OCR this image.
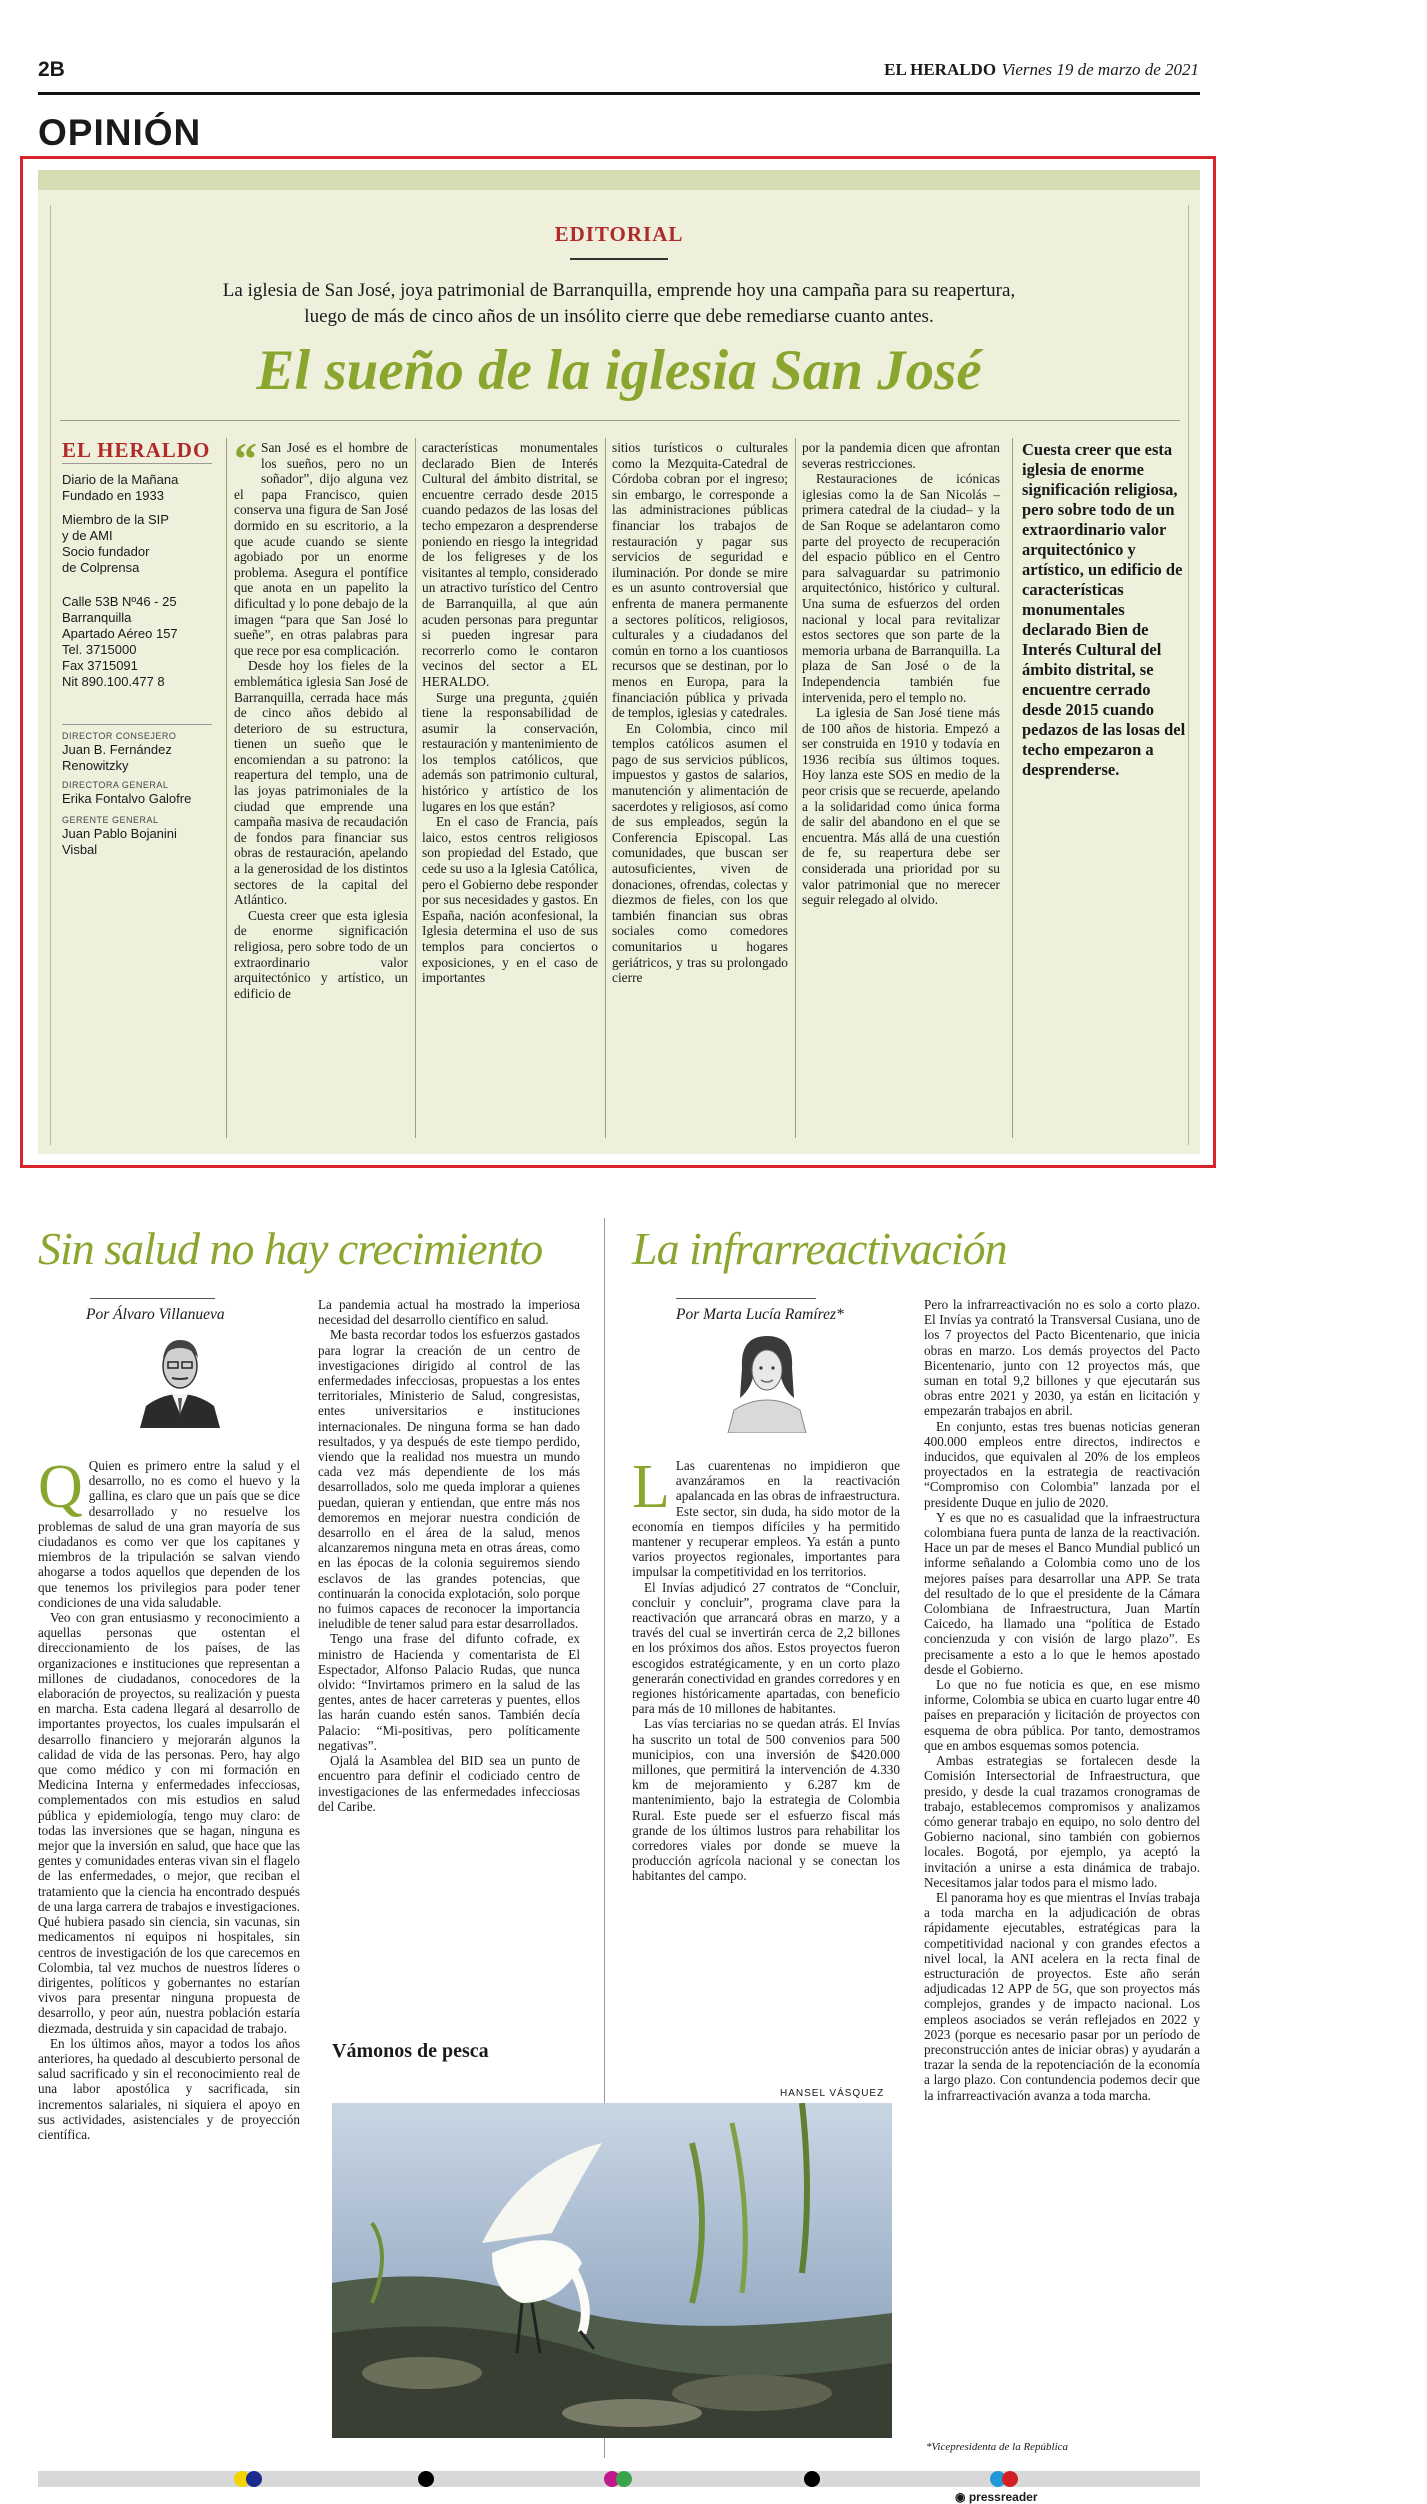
2B	EL HERALDO Viernes 19 de marzo de 2021
OPINIÓN
EDITORIAL
La iglesia de San José, joya patrimonial de Barranquilla, emprende hoy una campaña para su reapertura,
luego de más de cinco años de un insólito cierre que debe remediarse cuanto antes.
El sueño de la iglesia San José
EL HERALDO
Diario de la Mañana
Fundado en 1933
Miembro de la SIP
y de AMI
Socio fundador
de Colprensa
Calle 53B Nº46 - 25
Barranquilla
Apartado Aéreo 157
Tel. 3715000
Fax 3715091
Nit 890.100.477 8
DIRECTOR CONSEJERO
Juan B. Fernández
Renowitzky
DIRECTORA GENERAL
Erika Fontalvo Galofre
GERENTE GENERAL
Juan Pablo Bojanini
Visbal

“ San José es el hombre de los sueños, pero no un soñador”, dijo alguna vez el papa Francisco, quien conserva una figura de San José dormido en su escritorio, a la que acude cuando se siente agobiado por un enorme problema. Asegura el pontífice que anota en un papelito la dificultad y lo pone debajo de la imagen “para que San José lo sueñe”, en otras palabras para que rece por esa complicación.

Desde hoy los fieles de la emblemática iglesia San José de Barranquilla, cerrada hace más de cinco años debido al deterioro de su estructura, tienen un sueño que le encomiendan a su patrono: la reapertura del templo, una de las joyas patrimoniales de la ciudad que emprende una campaña masiva de recaudación de fondos para financiar sus obras de restauración, apelando a la generosidad de los distintos sectores de la capital del Atlántico.

Cuesta creer que esta iglesia de enorme significación religiosa, pero sobre todo de un extraordinario valor arquitectónico y artístico, un edificio de

características monumentales declarado Bien de Interés Cultural del ámbito distrital, se encuentre cerrado desde 2015 cuando pedazos de las losas del techo empezaron a desprenderse poniendo en riesgo la integridad de los feligreses y de los visitantes al templo, considerado un atractivo turístico del Centro de Barranquilla, al que aún acuden personas para preguntar si pueden ingresar para recorrerlo como le contaron vecinos del sector a EL HERALDO.

Surge una pregunta, ¿quién tiene la responsabilidad de asumir la conservación, restauración y mantenimiento de los templos católicos, que además son patrimonio cultural, histórico y artístico de los lugares en los que están?

En el caso de Francia, país laico, estos centros religiosos son propiedad del Estado, que cede su uso a la Iglesia Católica, pero el Gobierno debe responder por sus necesidades y gastos. En España, nación aconfesional, la Iglesia determina el uso de sus templos para conciertos o exposiciones, y en el caso de importantes

sitios turísticos o culturales como la Mezquita-Catedral de Córdoba cobran por el ingreso; sin embargo, le corresponde a las administraciones públicas financiar los trabajos de restauración y pagar sus servicios de seguridad e iluminación. Por donde se mire es un asunto controversial que enfrenta de manera permanente a sectores políticos, religiosos, culturales y a ciudadanos del común en torno a los cuantiosos recursos que se destinan, por lo menos en Europa, para la financiación pública y privada de templos, iglesias y catedrales.

En Colombia, cinco mil templos católicos asumen el pago de sus servicios públicos, impuestos y gastos de salarios, manutención y alimentación de sacerdotes y religiosos, así como de sus empleados, según la Conferencia Episcopal. Las comunidades, que buscan ser autosuficientes, viven de donaciones, ofrendas, colectas y diezmos de fieles, con los que también financian sus obras sociales como comedores comunitarios u hogares geriátricos, y tras su prolongado cierre

por la pandemia dicen que afrontan severas restricciones.

Restauraciones de icónicas iglesias como la de San Nicolás –primera catedral de la ciudad– y la de San Roque se adelantaron como parte del proyecto de recuperación del espacio público en el Centro para salvaguardar su patrimonio arquitectónico, histórico y cultural. Una suma de esfuerzos del orden nacional y local para revitalizar estos sectores que son parte de la memoria urbana de Barranquilla. La plaza de San José o de la Independencia también fue intervenida, pero el templo no.

La iglesia de San José tiene más de 100 años de historia. Empezó a ser construida en 1910 y todavía en 1936 recibía sus últimos toques. Hoy lanza este SOS en medio de la peor crisis que se recuerde, apelando a la solidaridad como única forma de salir del abandono en el que se encuentra. Más allá de una cuestión de fe, su reapertura debe ser considerada una prioridad por su valor patrimonial que no merecer seguir relegado al olvido.

Cuesta creer que esta iglesia de enorme significación religiosa, pero sobre todo de un extraordinario valor arquitectónico y artístico, un edificio de características monumentales declarado Bien de Interés Cultural del ámbito distrital, se encuentre cerrado desde 2015 cuando pedazos de las losas del techo empezaron a desprenderse.
Sin salud no hay crecimiento
Por Álvaro Villanueva

Q Quien es primero entre la salud y el desarrollo, no es como el huevo y la gallina, es claro que un país que se dice desarrollado y no resuelve los problemas de salud de una gran mayoría de sus ciudadanos es como ver que los capitanes y miembros de la tripulación se salvan viendo ahogarse a todos aquellos que dependen de los que tenemos los privilegios para poder tener condiciones de una vida saludable.

Veo con gran entusiasmo y reconocimiento a aquellas personas que ostentan el direccionamiento de los países, de las organizaciones e instituciones que representan a millones de ciudadanos, conocedores de la elaboración de proyectos, su realización y puesta en marcha. Esta cadena llegará al desarrollo de importantes proyectos, los cuales impulsarán el desarrollo financiero y mejorarán algunos la calidad de vida de las personas. Pero, hay algo que como médico y con mi formación en Medicina Interna y enfermedades infecciosas, complementados con mis estudios en salud pública y epidemiología, tengo muy claro: de todas las inversiones que se hagan, ninguna es mejor que la inversión en salud, que hace que las gentes y comunidades enteras vivan sin el flagelo de las enfermedades, o mejor, que reciban el tratamiento que la ciencia ha encontrado después de una larga carrera de trabajos e investigaciones. Qué hubiera pasado sin ciencia, sin vacunas, sin medicamentos ni equipos ni hospitales, sin centros de investigación de los que carecemos en Colombia, tal vez muchos de nuestros líderes o dirigentes, políticos y gobernantes no estarían vivos para presentar ninguna propuesta de desarrollo, y peor aún, nuestra población estaría diezmada, destruida y sin capacidad de trabajo.

En los últimos años, mayor a todos los años anteriores, ha quedado al descubierto personal de salud sacrificado y sin el reconocimiento real de una labor apostólica y sacrificada, sin incrementos salariales, ni siquiera el apoyo en sus actividades, asistenciales y de proyección científica.

La pandemia actual ha mostrado la imperiosa necesidad del desarrollo científico en salud.

Me basta recordar todos los esfuerzos gastados para lograr la creación de un centro de investigaciones dirigido al control de las enfermedades infecciosas, propuestas a los entes territoriales, Ministerio de Salud, congresistas, entes universitarios e instituciones internacionales. De ninguna forma se han dado resultados, y ya después de este tiempo perdido, viendo que la realidad nos muestra un mundo cada vez más dependiente de los más desarrollados, solo me queda implorar a quienes puedan, quieran y entiendan, que entre más nos demoremos en mejorar nuestra condición de desarrollo en el área de la salud, menos alcanzaremos ninguna meta en otras áreas, como en las épocas de la colonia seguiremos siendo esclavos de las grandes potencias, que continuarán la conocida explotación, solo porque no fuimos capaces de reconocer la importancia ineludible de tener salud para estar desarrollados.

Tengo una frase del difunto cofrade, ex ministro de Hacienda y comentarista de El Espectador, Alfonso Palacio Rudas, que nunca olvido: “Invirtamos primero en la salud de las gentes, antes de hacer carreteras y puentes, ellos las harán cuando estén sanos. También decía Palacio: “Mi-positivas, pero políticamente negativas”.

Ojalá la Asamblea del BID sea un punto de encuentro para definir el codiciado centro de investigaciones de las enfermedades infecciosas del Caribe.

La infrarreactivación
Por Marta Lucía Ramírez*

L Las cuarentenas no impidieron que avanzáramos en la reactivación apalancada en las obras de infraestructura. Este sector, sin duda, ha sido motor de la economía en tiempos difíciles y ha permitido mantener y recuperar empleos. Ya están a punto varios proyectos regionales, importantes para impulsar la competitividad en los territorios.

El Invías adjudicó 27 contratos de “Concluir, concluir y concluir”, programa clave para la reactivación que arrancará obras en marzo, y a través del cual se invertirán cerca de 2,2 billones en los próximos dos años. Estos proyectos fueron escogidos estratégicamente, y en un corto plazo generarán conectividad en grandes corredores y en regiones históricamente apartadas, con beneficio para más de 10 millones de habitantes.

Las vías terciarias no se quedan atrás. El Invías ha suscrito un total de 500 convenios para 500 municipios, con una inversión de $420.000 millones, que permitirá la intervención de 4.330 km de mejoramiento y 6.287 km de mantenimiento, bajo la estrategia de Colombia Rural. Este puede ser el esfuerzo fiscal más grande de los últimos lustros para rehabilitar los corredores viales por donde se mueve la producción agrícola nacional y se conectan los habitantes del campo.

Pero la infrarreactivación no es solo a corto plazo. El Invías ya contrató la Transversal Cusiana, uno de los 7 proyectos del Pacto Bicentenario, que inicia obras en marzo. Los demás proyectos del Pacto Bicentenario, junto con 12 proyectos más, que suman en total 9,2 billones y que ejecutarán sus obras entre 2021 y 2030, ya están en licitación y empezarán trabajos en abril.

En conjunto, estas tres buenas noticias generan 400.000 empleos entre directos, indirectos e inducidos, que equivalen al 20% de los empleos proyectados en la estrategia de reactivación “Compromiso con Colombia” lanzada por el presidente Duque en julio de 2020.

Y es que no es casualidad que la infraestructura colombiana fuera punta de lanza de la reactivación. Hace un par de meses el Banco Mundial publicó un informe señalando a Colombia como uno de los mejores países para desarrollar una APP. Se trata del resultado de lo que el presidente de la Cámara Colombiana de Infraestructura, Juan Martín Caicedo, ha llamado una “política de Estado concienzuda y con visión de largo plazo”. Es precisamente a esto a lo que le hemos apostado desde el Gobierno.

Lo que no fue noticia es que, en ese mismo informe, Colombia se ubica en cuarto lugar entre 40 países en preparación y licitación de proyectos con esquema de obra pública. Por tanto, demostramos que en ambos esquemas somos potencia.

Ambas estrategias se fortalecen desde la Comisión Intersectorial de Infraestructura, que presido, y desde la cual trazamos cronogramas de trabajo, establecemos compromisos y analizamos cómo generar trabajo en equipo, no solo dentro del Gobierno nacional, sino también con gobiernos locales. Bogotá, por ejemplo, ya aceptó la invitación a unirse a esta dinámica de trabajo. Necesitamos jalar todos para el mismo lado.

El panorama hoy es que mientras el Invías trabaja a toda marcha en la adjudicación de obras rápidamente ejecutables, estratégicas para la competitividad nacional y con grandes efectos a nivel local, la ANI acelera en la recta final de estructuración de proyectos. Este año serán adjudicadas 12 APP de 5G, que son proyectos más complejos, grandes y de impacto nacional. Los empleos asociados se verán reflejados en 2022 y 2023 (porque es necesario pasar por un período de preconstrucción antes de iniciar obras) y ayudarán a trazar la senda de la repotenciación de la economía a largo plazo. Con contundencia podemos decir que la infrarreactivación avanza a toda marcha.

*Vicepresidenta de la República
Vámonos de pesca
HANSEL VÁSQUEZ
◉ pressreader
